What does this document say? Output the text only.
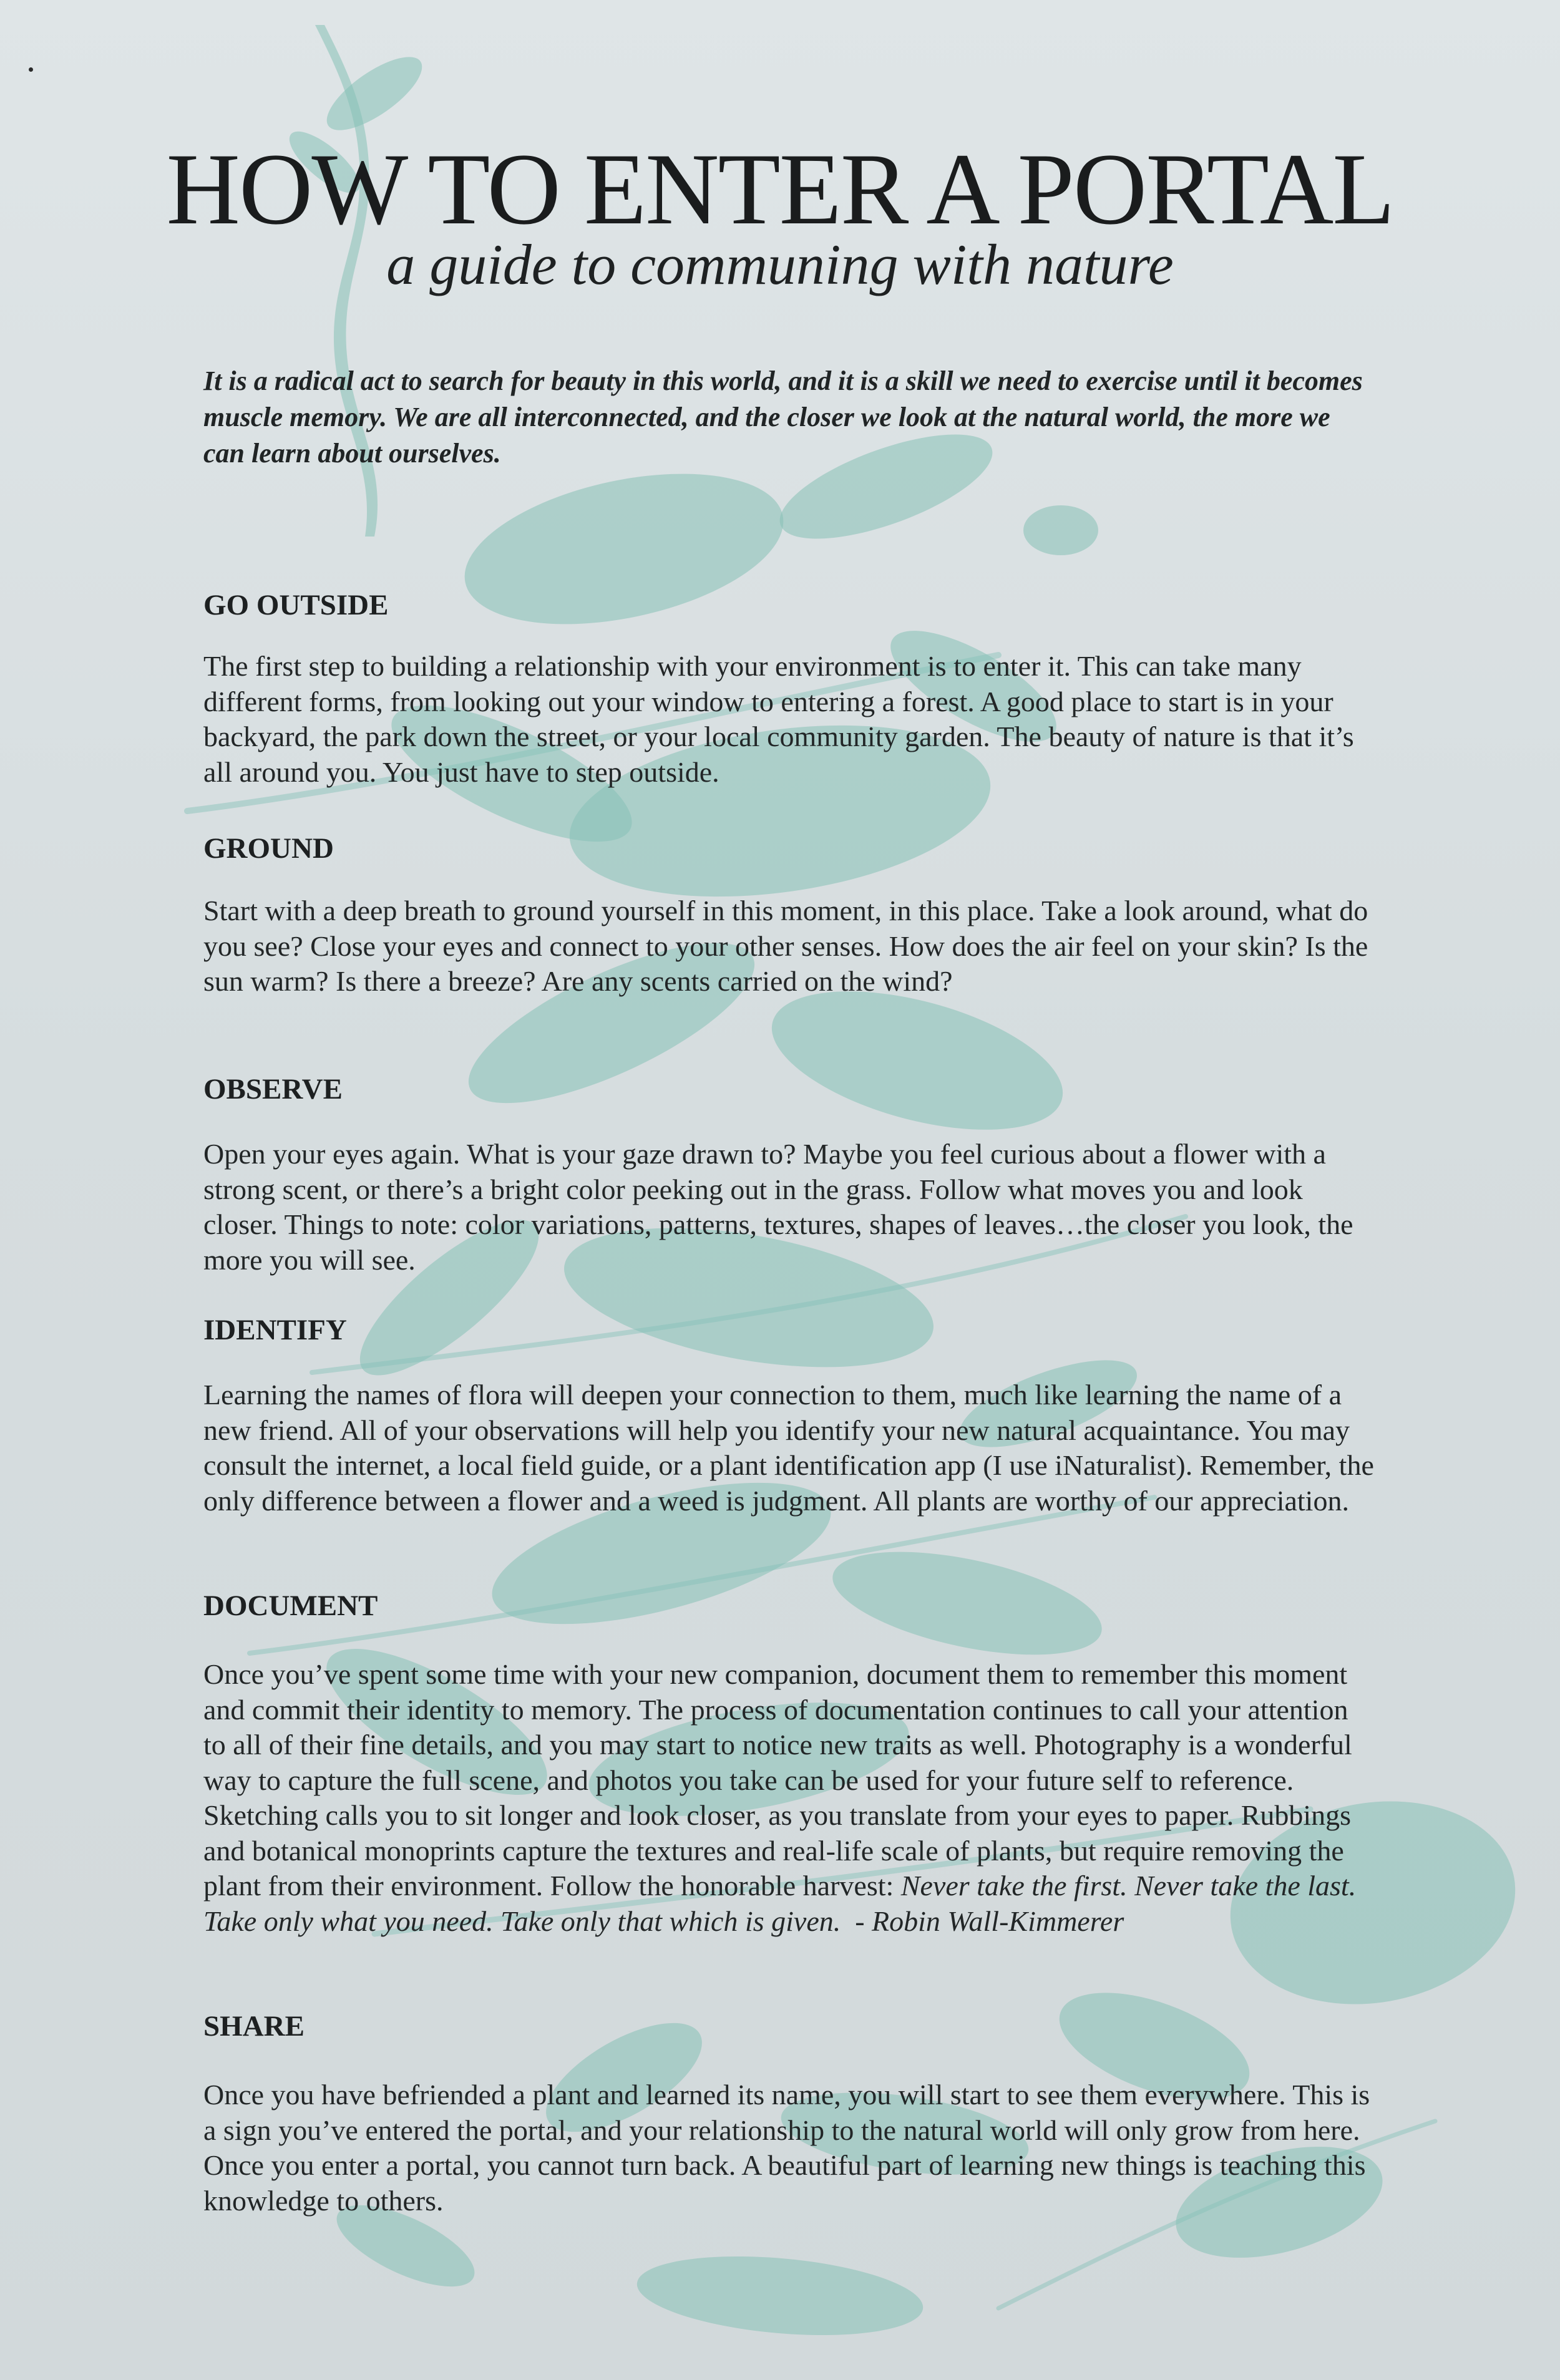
HOW TO ENTER A PORTAL
a guide to communing with nature

It is a radical act to search for beauty in this world, and it is a skill we need to exercise until it becomes muscle memory. We are all interconnected, and the closer we look at the natural world, the more we can learn about ourselves.

GO OUTSIDE

The first step to building a relationship with your environment is to enter it. This can take many different forms, from looking out your window to entering a forest. A good place to start is in your backyard, the park down the street, or your local community garden. The beauty of nature is that it’s all around you. You just have to step outside.

GROUND

Start with a deep breath to ground yourself in this moment, in this place. Take a look around, what do you see? Close your eyes and connect to your other senses. How does the air feel on your skin? Is the sun warm? Is there a breeze? Are any scents carried on the wind?

OBSERVE

Open your eyes again. What is your gaze drawn to? Maybe you feel curious about a flower with a strong scent, or there’s a bright color peeking out in the grass. Follow what moves you and look closer. Things to note: color variations, patterns, textures, shapes of leaves…the closer you look, the more you will see.

IDENTIFY

Learning the names of flora will deepen your connection to them, much like learning the name of a new friend. All of your observations will help you identify your new natural acquaintance. You may consult the internet, a local field guide, or a plant identification app (I use iNaturalist). Remember, the only difference between a flower and a weed is judgment. All plants are worthy of our appreciation.

DOCUMENT

Once you’ve spent some time with your new companion, document them to remember this moment and commit their identity to memory. The process of documentation continues to call your attention to all of their fine details, and you may start to notice new traits as well. Photography is a wonderful way to capture the full scene, and photos you take can be used for your future self to reference. Sketching calls you to sit longer and look closer, as you translate from your eyes to paper. Rubbings and botanical monoprints capture the textures and real-life scale of plants, but require removing the plant from their environment. Follow the honorable harvest: Never take the first. Never take the last. Take only what you need. Take only that which is given.  - Robin Wall-Kimmerer

SHARE

Once you have befriended a plant and learned its name, you will start to see them everywhere. This is a sign you’ve entered the portal, and your relationship to the natural world will only grow from here. Once you enter a portal, you cannot turn back. A beautiful part of learning new things is teaching this knowledge to others.
